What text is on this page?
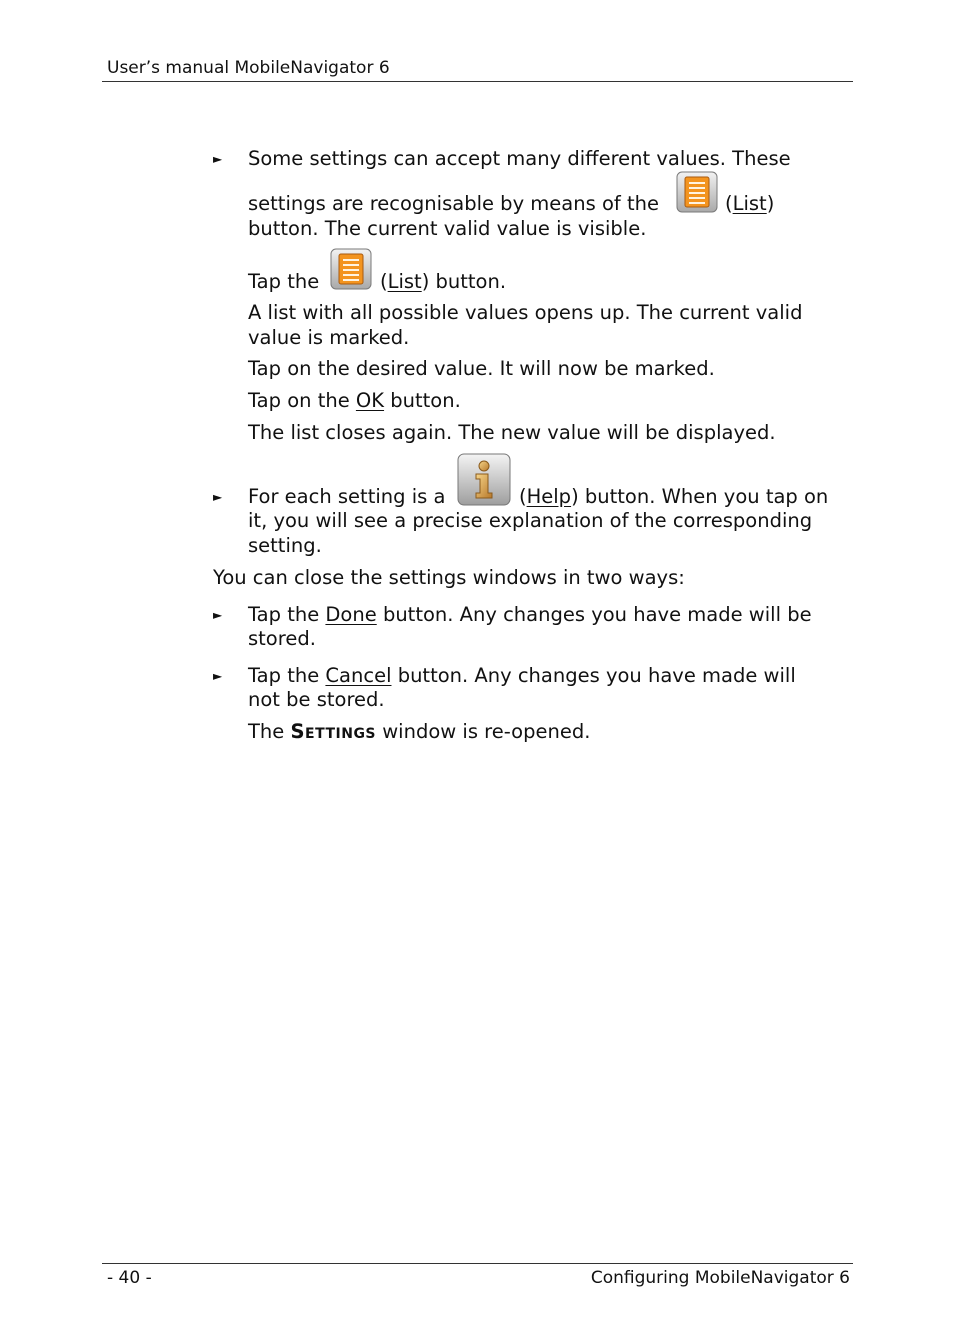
User’s manual MobileNavigator 6
► Some settings can accept many different values. These
settings are recognisable by means of the	(List)
button. The current valid value is visible.
Tap the	(List) button.
A list with all possible values opens up. The current valid
value is marked.
Tap on the desired value. It will now be marked.
Tap on the OK button.
The list closes again. The new value will be displayed.
► For each setting is a	(Help) button. When you tap on
it, you will see a precise explanation of the corresponding
setting.
You can close the settings windows in two ways:
► Tap the Done button. Any changes you have made will be
stored.
► Tap the Cancel button. Any changes you have made will
not be stored.
The Settings window is re-opened.
- 40 -	Configuring MobileNavigator 6
